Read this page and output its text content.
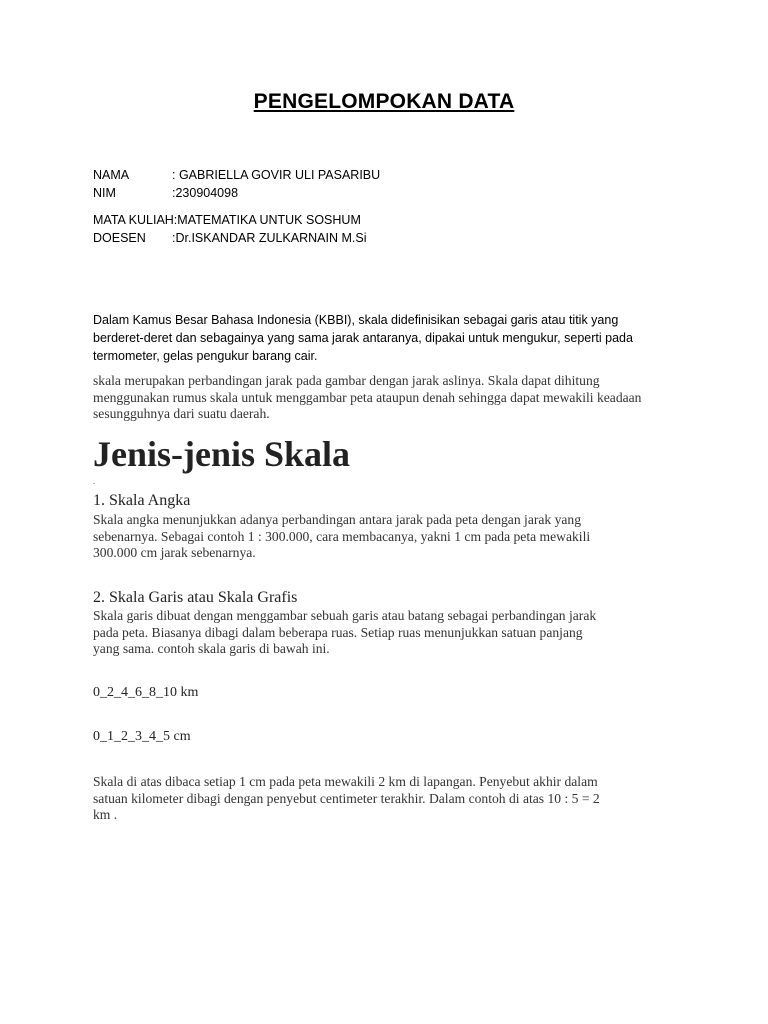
PENGELOMPOKAN DATA
NAMA	: GABRIELLA GOVIR ULI PASARIBU
NIM	:230904098
MATA KULIAH: MATEMATIKA UNTUK SOSHUM
DOESEN	:Dr.ISKANDAR ZULKARNAIN M.Si
Dalam Kamus Besar Bahasa Indonesia (KBBI), skala didefinisikan sebagai garis atau titik yang
berderet-deret dan sebagainya yang sama jarak antaranya, dipakai untuk mengukur, seperti pada
termometer, gelas pengukur barang cair.
skala merupakan perbandingan jarak pada gambar dengan jarak aslinya. Skala dapat dihitung
menggunakan rumus skala untuk menggambar peta ataupun denah sehingga dapat mewakili keadaan
sesungguhnya dari suatu daerah.
Jenis-jenis Skala
.
1. Skala Angka
Skala angka menunjukkan adanya perbandingan antara jarak pada peta dengan jarak yang
sebenarnya. Sebagai contoh 1 : 300.000, cara membacanya, yakni 1 cm pada peta mewakili
300.000 cm jarak sebenarnya.
2. Skala Garis atau Skala Grafis
Skala garis dibuat dengan menggambar sebuah garis atau batang sebagai perbandingan jarak
pada peta. Biasanya dibagi dalam beberapa ruas. Setiap ruas menunjukkan satuan panjang
yang sama. contoh skala garis di bawah ini.
0_2_4_6_8_10 km
0_1_2_3_4_5 cm
Skala di atas dibaca setiap 1 cm pada peta mewakili 2 km di lapangan. Penyebut akhir dalam
satuan kilometer dibagi dengan penyebut centimeter terakhir. Dalam contoh di atas 10 : 5 = 2
km .
